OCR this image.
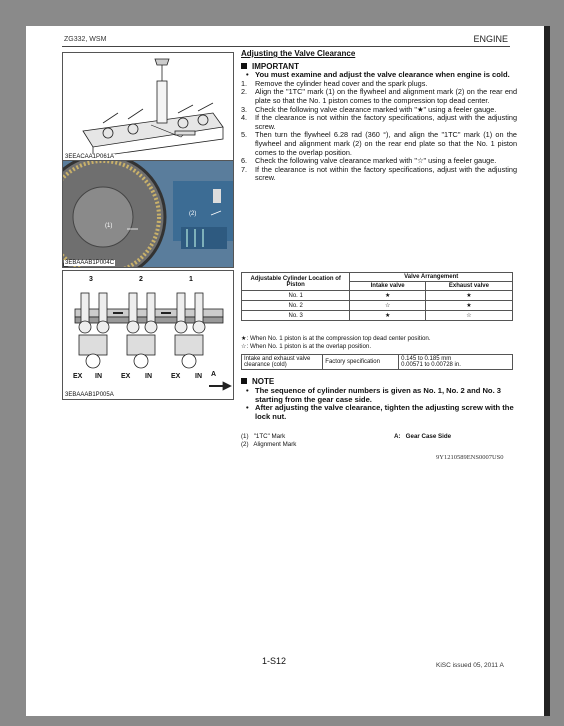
ZG332, WSM	ENGINE
3EEACAA1P061A
(1)
(2)
3EBAAAB1P004C
3	2	1
EX IN	EX IN	EX IN A
3EBAAAB1P005A
Adjusting the Valve Clearance
IMPORTANT
• You must examine and adjust the valve clearance when engine is cold.
1. Remove the cylinder head cover and the spark plugs.
2. Align the "1TC" mark (1) on the flywheel and alignment mark (2) on the rear end plate so that the No. 1 piston comes to the compression top dead center.
3. Check the following valve clearance marked with "★" using a feeler gauge.
4. If the clearance is not within the factory specifications, adjust with the adjusting screw.
5. Then turn the flywheel 6.28 rad (360 °), and align the "1TC" mark (1) on the flywheel and alignment mark (2) on the rear end plate so that the No. 1 piston comes to the overlap position.
6. Check the following valve clearance marked with "☆" using a feeler gauge.
7. If the clearance is not within the factory specifications, adjust with the adjusting screw.
Adjustable Cylinder Location of Piston	Valve Arrangement	
	Intake valve	Exhaust valve
No. 1	★	★
No. 2	☆	★
No. 3	★	☆
★: When No. 1 piston is at the compression top dead center position.
☆: When No. 1 piston is at the overlap position.
Intake and exhaust valve clearance (cold)	Factory specification	0.145 to 0.185 mm
0.00571 to 0.00728 in.
NOTE
• The sequence of cylinder numbers is given as No. 1, No. 2 and No. 3 starting from the gear case side.
• After adjusting the valve clearance, tighten the adjusting screw with the lock nut.
(1)   "1TC" Mark
(2)   Alignment Mark
A:   Gear Case Side
9Y1210589ENS0007US0
1-S12	KiSC issued 05, 2011 A
